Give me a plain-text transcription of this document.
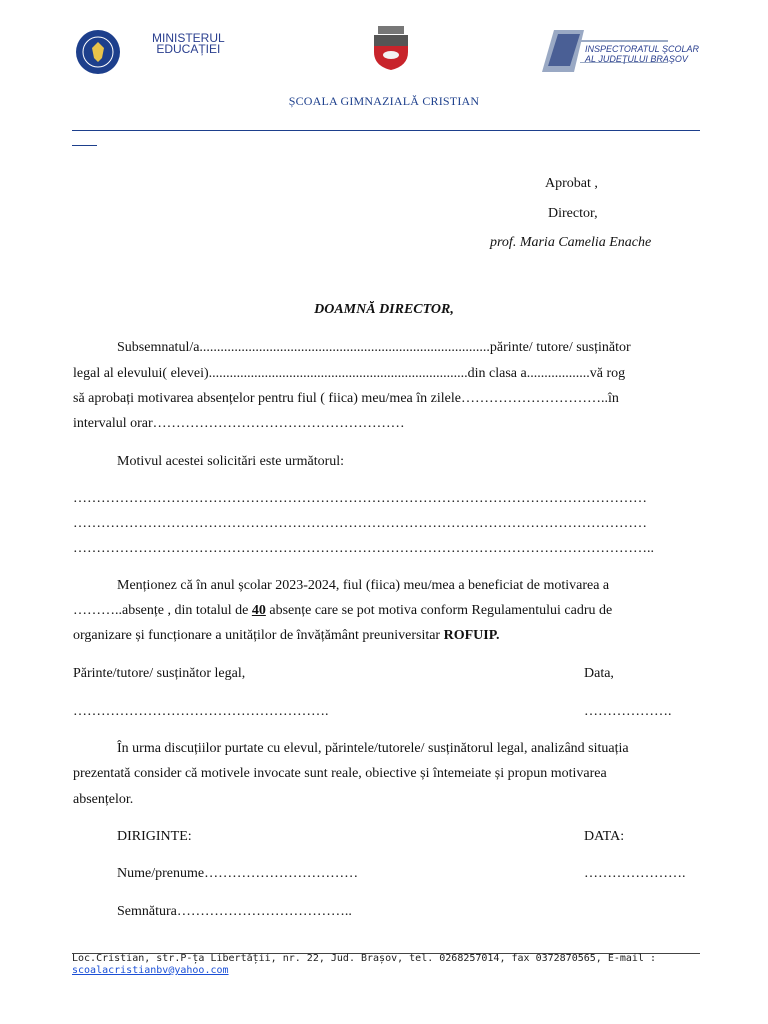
MINISTERUL
EDUCAȚIEI	INSPECTORATUL ŞCOLAR
AL JUDEŢULUI BRAŞOV
ȘCOALA GIMNAZIALĂ CRISTIAN
Aprobat ,
Director,
prof. Maria Camelia Enache
DOAMNĂ DIRECTOR,
Subsemnatul/a...................................................................................părinte/ tutore/ susținător
legal al elevului( elevei)..........................................................................din clasa a..................vă rog
să aprobați motivarea absențelor pentru fiul ( fiica) meu/mea în zilele…………………………..în
intervalul orar………………………………………………
Motivul acestei solicitări este următorul:
……………………………………………………………………………………………………………
……………………………………………………………………………………………………………
……………………………………………………………………………………………………………..
Menționez că în anul școlar 2023-2024, fiul (fiica) meu/mea a beneficiat de motivarea a
………..absențe , din totalul de 40 absențe care se pot motiva conform Regulamentului cadru de
organizare și funcționare a unităților de învățământ preuniversitar ROFUIP.
Părinte/tutore/ susținător legal,	Data,
……………………………………………….	……………….
În urma discuțiilor purtate cu elevul, părintele/tutorele/ susținătorul legal, analizând situația
prezentată consider că motivele invocate sunt reale, obiective și întemeiate și propun motivarea
absențelor.
DIRIGINTE:	DATA:
Nume/prenume……………………………	………………….
Semnătura………………………………..
Loc.Cristian, str.P-ța Libertății, nr. 22, Jud. Brașov, tel. 0268257014, fax 0372870565, E-mail :
scoalacristianbv@yahoo.com
